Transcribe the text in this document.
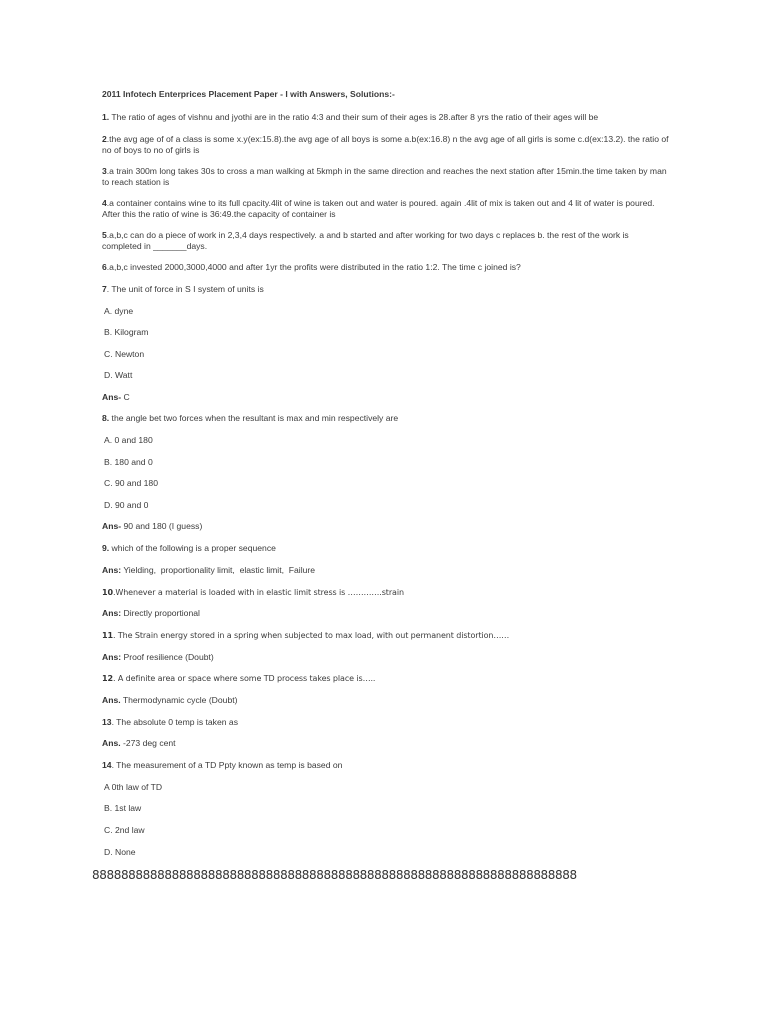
2011 Infotech Enterprices Placement Paper - I with Answers, Solutions:-
1. The ratio of ages of vishnu and jyothi are in the ratio 4:3 and their sum of their ages is 28.after 8 yrs the ratio of their ages will be
2.the avg age of of a class is some x.y(ex:15.8).the avg age of all boys is some a.b(ex:16.8) n the avg age of all girls is some c.d(ex:13.2). the ratio of no of boys to no of girls is
3.a train 300m long takes 30s to cross a man walking at 5kmph in the same direction and reaches the next station after 15min.the time taken by man to reach station is
4.a container contains wine to its full cpacity.4lit of wine is taken out and water is poured. again .4lit of mix is taken out and 4 lit of water is poured. After this the ratio of wine is 36:49.the capacity of container is
5.a,b,c can do a piece of work in 2,3,4 days respectively. a and b started and after working for two days c replaces b. the rest of the work is completed in _______days.
6.a,b,c invested 2000,3000,4000 and after 1yr the profits were distributed in the ratio 1:2. The time c joined is?
7. The unit of force in S I system of units is
A. dyne
B. Kilogram
C. Newton
D. Watt
Ans- C
8. the angle bet two forces when the resultant is max and min respectively are
A. 0 and 180
B. 180 and 0
C. 90 and 180
D. 90 and 0
Ans- 90 and 180 (I guess)
9. which of the following is a proper sequence
Ans: Yielding,  proportionality limit,  elastic limit,  Failure
10.Whenever a material is loaded with in elastic limit stress is ………….strain
Ans: Directly proportional
11. The Strain energy stored in a spring when subjected to max load, with out permanent distortion……
Ans: Proof resilience (Doubt)
12. A definite area or space where some TD process takes place is…..
Ans. Thermodynamic cycle (Doubt)
13. The absolute 0 temp is taken as
Ans. -273 deg cent
14. The measurement of a TD Ppty known as temp is based on
A 0th law of TD
B. 1st law
C. 2nd law
D. None
8888888888888888888888888888888888888888888888888888888888888888888
